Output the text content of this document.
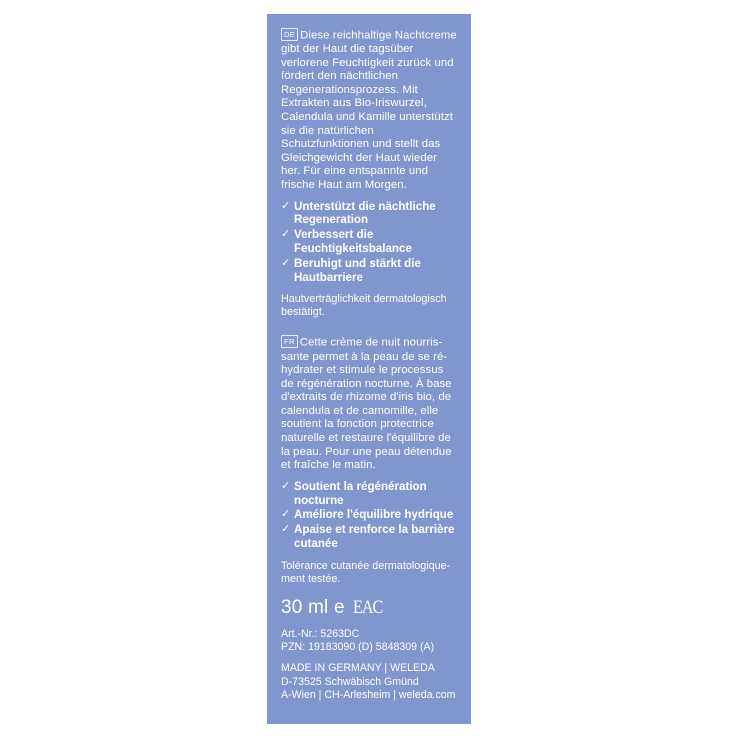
DE Diese reichhaltige Nachtcreme gibt der Haut die tagsüber verlorene Feuchtigkeit zurück und fördert den nächtlichen Regenerationsprozess. Mit Extrakten aus Bio-Iriswurzel, Calendula und Kamille unterstützt sie die natürlichen Schutzfunktionen und stellt das Gleichgewicht der Haut wieder her. Für eine entspannte und frische Haut am Morgen.
✓ Unterstützt die nächtliche Regeneration
✓ Verbessert die Feuchtigkeitsbalance
✓ Beruhigt und stärkt die Hautbarriere
Hautverträglichkeit dermatologisch bestätigt.
FR Cette crème de nuit nourrissante permet à la peau de se réhydrater et stimule le processus de régénération nocturne. À base d'extraits de rhizome d'iris bio, de calendula et de camomille, elle soutient la fonction protectrice naturelle et restaure l'équilibre de la peau. Pour une peau détendue et fraîche le matin.
✓ Soutient la régénération nocturne
✓ Améliore l'équilibre hydrique
✓ Apaise et renforce la barrière cutanée
Tolérance cutanée dermatologiquement testée.
30 ml e EAC
Art.-Nr.: 5263DC
PZN: 19183090 (D) 5848309 (A)
MADE IN GERMANY | WELEDA
D-73525 Schwäbisch Gmünd
A-Wien | CH-Arlesheim | weleda.com
